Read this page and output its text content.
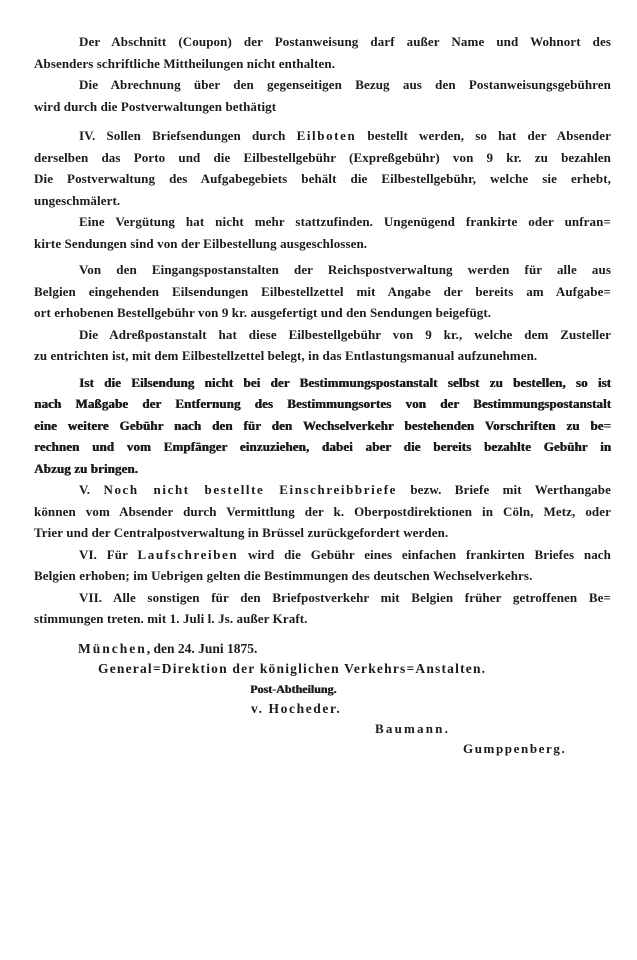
Der Abschnitt (Coupon) der Postanweisung darf außer Name und Wohnort des
Absenders schriftliche Mittheilungen nicht enthalten.
Die Abrechnung über den gegenseitigen Bezug aus den Postanweisungsgebühren
wird durch die Postverwaltungen bethätigt
IV. Sollen Briefsendungen durch Eilboten bestellt werden, so hat der Absender
derselben das Porto und die Eilbestellgebühr (Expreßgebühr) von 9 kr. zu bezahlen
Die Postverwaltung des Aufgabegebiets behält die Eilbestellgebühr, welche sie erhebt,
ungeschmälert.
Eine Vergütung hat nicht mehr stattzufinden. Ungenügend frankirte oder unfran=
kirte Sendungen sind von der Eilbestellung ausgeschlossen.
Von den Eingangspostanstalten der Reichspostverwaltung werden für alle aus
Belgien eingehenden Eilsendungen Eilbestellzettel mit Angabe der bereits am Aufgabe=
ort erhobenen Bestellgebühr von 9 kr. ausgefertigt und den Sendungen beigefügt.
Die Adreßpostanstalt hat diese Eilbestellgebühr von 9 kr., welche dem Zusteller
zu entrichten ist, mit dem Eilbestellzettel belegt, in das Entlastungsmanual aufzunehmen.
Ist die Eilsendung nicht bei der Bestimmungspostanstalt selbst zu bestellen, so ist
nach Maßgabe der Entfernung des Bestimmungsortes von der Bestimmungspostanstalt
eine weitere Gebühr nach den für den Wechselverkehr bestehenden Vorschriften zu be=
rechnen und vom Empfänger einzuziehen, dabei aber die bereits bezahlte Gebühr in
Abzug zu bringen.
V. Noch nicht bestellte Einschreibbriefe bezw. Briefe mit Werthangabe
können vom Absender durch Vermittlung der k. Oberpostdirektionen in Cöln, Metz, oder
Trier und der Centralpostverwaltung in Brüssel zurückgefordert werden.
VI. Für Laufschreiben wird die Gebühr eines einfachen frankirten Briefes nach
Belgien erhoben; im Uebrigen gelten die Bestimmungen des deutschen Wechselverkehrs.
VII. Alle sonstigen für den Briefpostverkehr mit Belgien früher getroffenen Be=
stimmungen treten. mit 1. Juli l. Js. außer Kraft.
München, den 24. Juni 1875.
General=Direktion der königlichen Verkehrs=Anstalten.
Post-Abtheilung.
v. Hocheder.
Baumann.
Gumppenberg.
